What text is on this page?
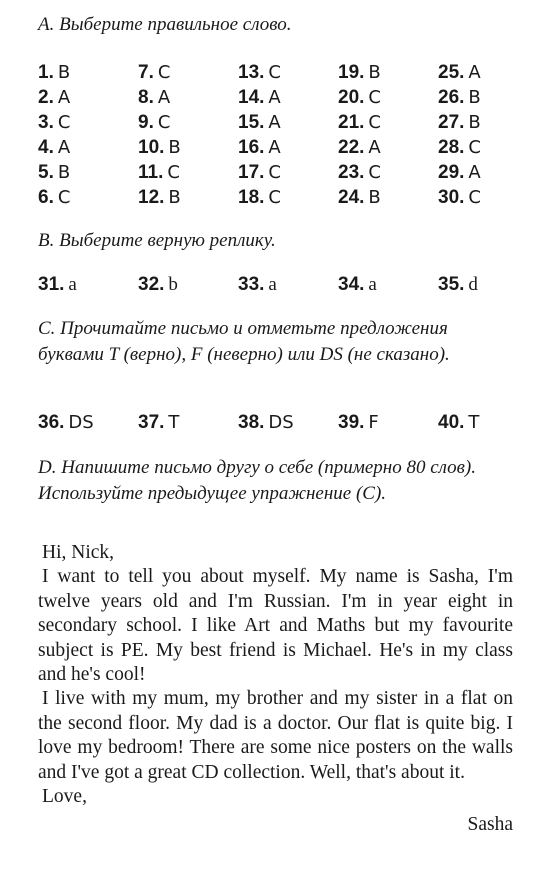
A. Выберите правильное слово.
1. B	7. C	13. C	19. B	25. A
2. A	8. A	14. A	20. C	26. B
3. C	9. C	15. A	21. C	27. B
4. A	10. B	16. A	22. A	28. C
5. B	11. C	17. C	23. C	29. A
6. C	12. B	18. C	24. B	30. C
B. Выберите верную реплику.
31. a	32. b	33. a	34. a	35. d
C. Прочитайте письмо и отметьте предложения буквами T (верно), F (неверно) или DS (не сказано).
36. DS	37. T	38. DS	39. F	40. T
D. Напишите письмо другу о себе (примерно 80 слов). Используйте предыдущее упражнение (C).

Hi, Nick,

I want to tell you about myself. My name is Sasha, I'm twelve years old and I'm Russian. I'm in year eight in secondary school. I like Art and Maths but my favourite subject is PE. My best friend is Michael. He's in my class and he's cool!

I live with my mum, my brother and my sister in a flat on the second floor. My dad is a doctor. Our flat is quite big. I love my bedroom! There are some nice posters on the walls and I've got a great CD collection. Well, that's about it.

Love,

Sasha
